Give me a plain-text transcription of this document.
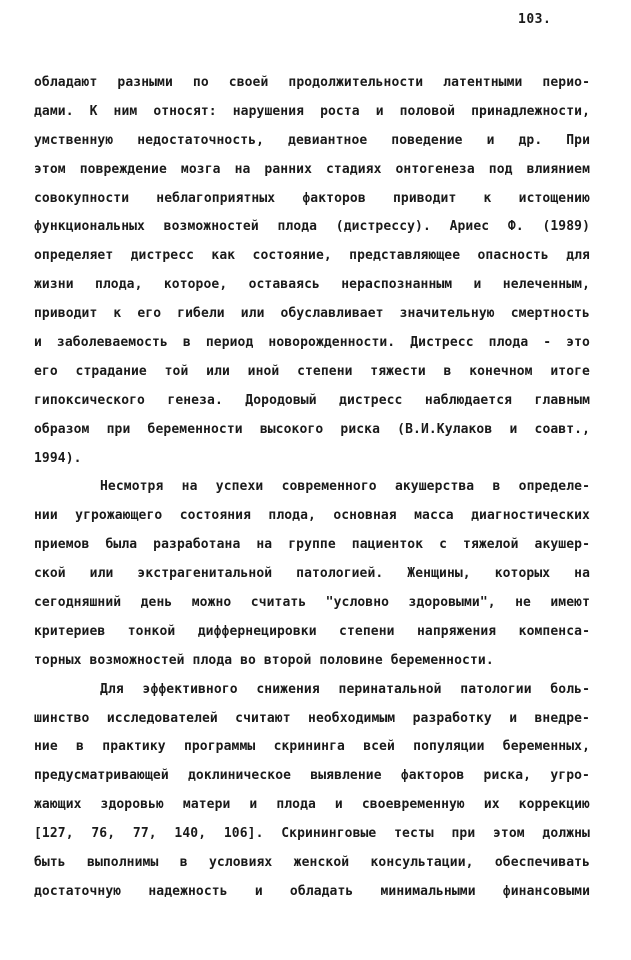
103.
обладают разными по своей продолжительности латентными перио-
дами. К ним относят: нарушения роста и половой принадлежности,
умственную недостаточность, девиантное поведение и др. При
этом повреждение мозга на ранних стадиях онтогенеза под влиянием
совокупности неблагоприятных факторов приводит к истощению
функциональных возможностей плода (дистрессу). Ариес Ф. (1989)
определяет дистресс как состояние, представляющее опасность для
жизни плода, которое, оставаясь нераспознанным и нелеченным,
приводит к его гибели или обуславливает значительную смертность
и заболеваемость в период новорожденности. Дистресс плода - это
его страдание той или иной степени тяжести в конечном итоге
гипоксического генеза. Дородовый дистресс наблюдается главным
образом при беременности высокого риска (В.И.Кулаков и соавт.,
1994).
Несмотря на успехи современного акушерства в определе-
нии угрожающего состояния плода, основная масса диагностических
приемов была разработана на группе пациенток с тяжелой акушер-
ской или экстрагенитальной патологией. Женщины, которых на
сегодняшний день можно считать "условно здоровыми", не имеют
критериев тонкой диффернецировки степени напряжения компенса-
торных возможностей плода во второй половине беременности.
Для эффективного снижения перинатальной патологии боль-
шинство исследователей считают необходимым разработку и внедре-
ние в практику программы скрининга всей популяции беременных,
предусматривающей доклиническое выявление факторов риска, угро-
жающих здоровью матери и плода и своевременную их коррекцию
[127, 76, 77, 140, 106]. Скрининговые тесты при этом должны
быть выполнимы в условиях женской консультации, обеспечивать
достаточную надежность и обладать минимальными финансовыми
